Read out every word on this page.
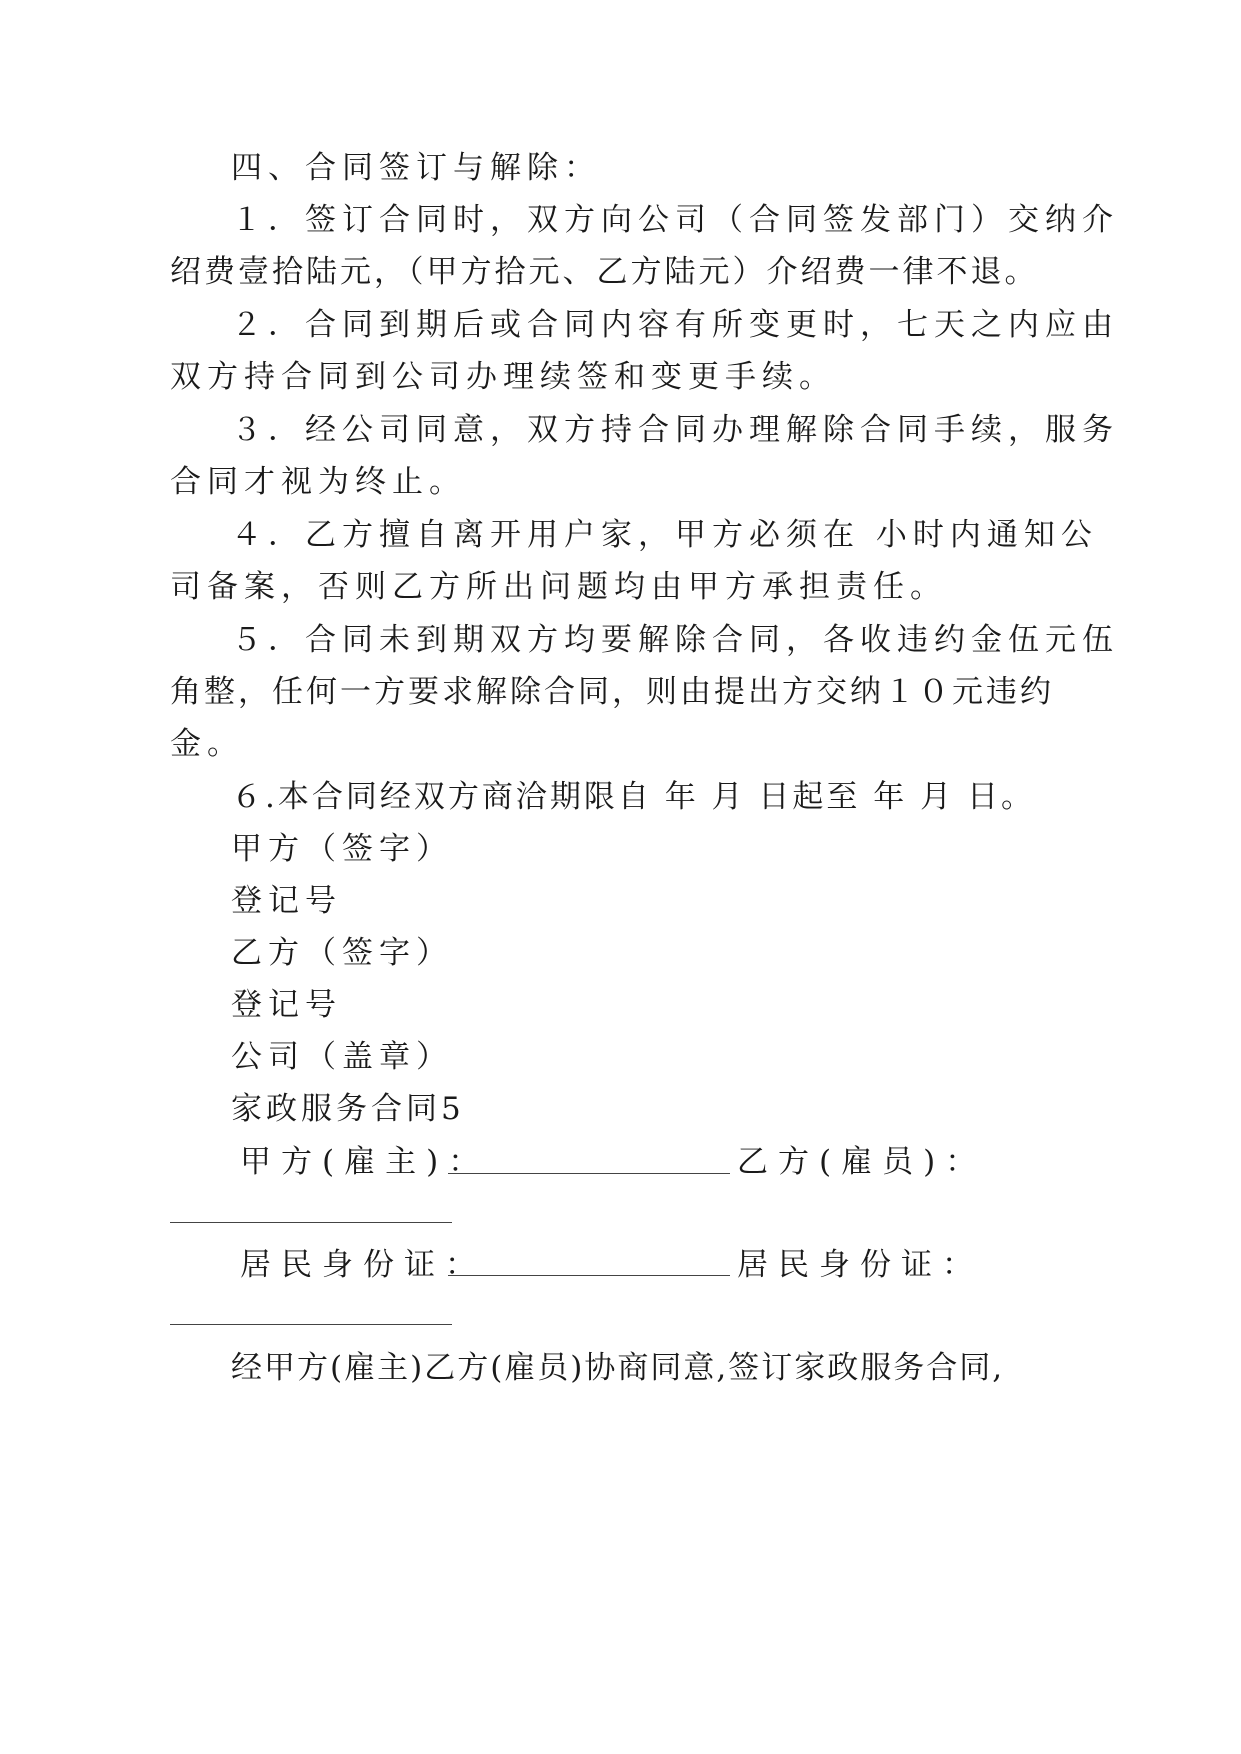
四、合同签订与解除：
１．签订合同时，双方向公司（合同签发部门）交纳介
绍费壹拾陆元，（甲方拾元、乙方陆元）介绍费一律不退。
２．合同到期后或合同内容有所变更时，七天之内应由
双方持合同到公司办理续签和变更手续。
３．经公司同意，双方持合同办理解除合同手续，服务
合同才视为终止。
４．乙方擅自离开用户家，甲方必须在 小时内通知公
司备案，否则乙方所出问题均由甲方承担责任。
５．合同未到期双方均要解除合同，各收违约金伍元伍
角整，任何一方要求解除合同，则由提出方交纳１０元违约
金。
６.本合同经双方商洽期限自 年 月 日起至 年 月 日。
甲方（签字）
登记号
乙方（签字）
登记号
公司（盖章）
家政服务合同5
甲方(雇主)：	乙方(雇员)：
居民身份证：	居民身份证：
经甲方(雇主)乙方(雇员)协商同意,签订家政服务合同,
